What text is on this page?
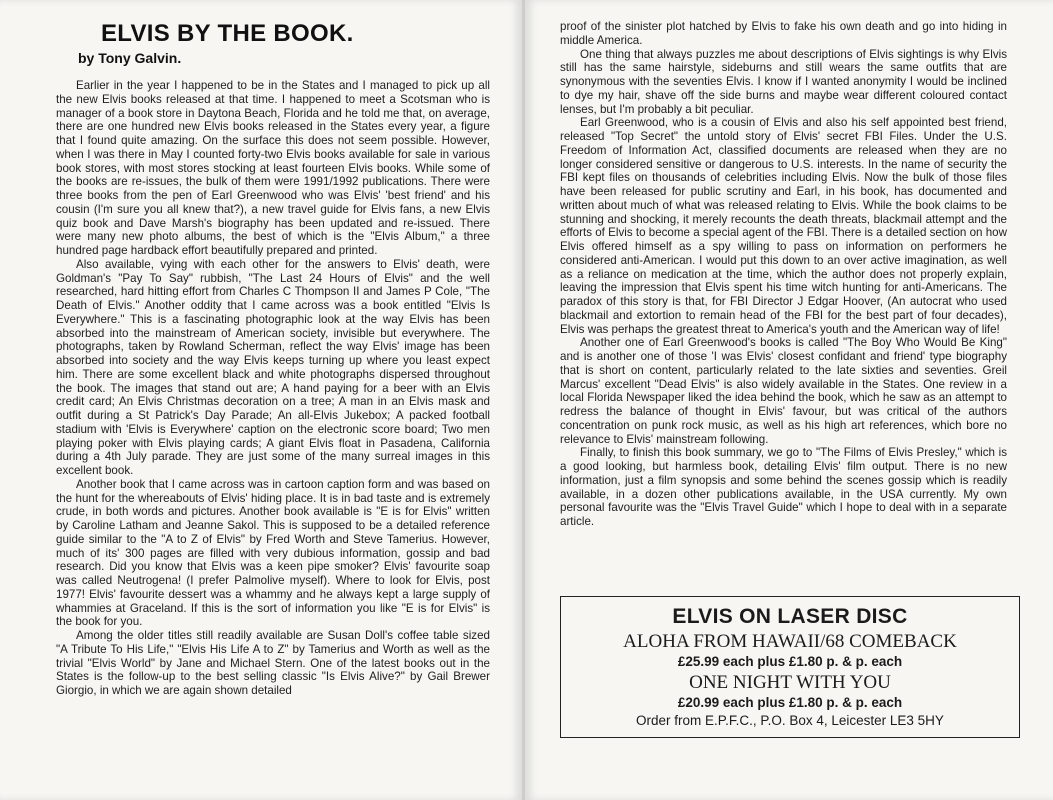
ELVIS BY THE BOOK.
by Tony Galvin.

Earlier in the year I happened to be in the States and I managed to pick up all the new Elvis books released at that time. I happened to meet a Scotsman who is manager of a book store in Daytona Beach, Florida and he told me that, on average, there are one hundred new Elvis books released in the States every year, a figure that I found quite amazing. On the surface this does not seem possible. However, when I was there in May I counted forty-two Elvis books available for sale in various book stores, with most stores stocking at least fourteen Elvis books. While some of the books are re-issues, the bulk of them were 1991/1992 publications. There were three books from the pen of Earl Greenwood who was Elvis' 'best friend' and his cousin (I'm sure you all knew that?), a new travel guide for Elvis fans, a new Elvis quiz book and Dave Marsh's biography has been updated and re-issued. There were many new photo albums, the best of which is the "Elvis Album," a three hundred page hardback effort beautifully prepared and printed.

Also available, vying with each other for the answers to Elvis' death, were Goldman's "Pay To Say" rubbish, "The Last 24 Hours of Elvis" and the well researched, hard hitting effort from Charles C Thompson II and James P Cole, "The Death of Elvis." Another oddity that I came across was a book entitled "Elvis Is Everywhere." This is a fascinating photographic look at the way Elvis has been absorbed into the mainstream of American society, invisible but everywhere. The photographs, taken by Rowland Scherman, reflect the way Elvis' image has been absorbed into society and the way Elvis keeps turning up where you least expect him. There are some excellent black and white photographs dispersed throughout the book. The images that stand out are; A hand paying for a beer with an Elvis credit card; An Elvis Christmas decoration on a tree; A man in an Elvis mask and outfit during a St Patrick's Day Parade; An all-Elvis Jukebox; A packed football stadium with 'Elvis is Everywhere' caption on the electronic score board; Two men playing poker with Elvis playing cards; A giant Elvis float in Pasadena, California during a 4th July parade. They are just some of the many surreal images in this excellent book.

Another book that I came across was in cartoon caption form and was based on the hunt for the whereabouts of Elvis' hiding place. It is in bad taste and is extremely crude, in both words and pictures. Another book available is "E is for Elvis" written by Caroline Latham and Jeanne Sakol. This is supposed to be a detailed reference guide similar to the "A to Z of Elvis" by Fred Worth and Steve Tamerius. However, much of its' 300 pages are filled with very dubious information, gossip and bad research. Did you know that Elvis was a keen pipe smoker? Elvis' favourite soap was called Neutrogena! (I prefer Palmolive myself). Where to look for Elvis, post 1977! Elvis' favourite dessert was a whammy and he always kept a large supply of whammies at Graceland. If this is the sort of information you like "E is for Elvis" is the book for you.

Among the older titles still readily available are Susan Doll's coffee table sized "A Tribute To His Life," "Elvis His Life A to Z" by Tamerius and Worth as well as the trivial "Elvis World" by Jane and Michael Stern. One of the latest books out in the States is the follow-up to the best selling classic "Is Elvis Alive?" by Gail Brewer Giorgio, in which we are again shown detailed

proof of the sinister plot hatched by Elvis to fake his own death and go into hiding in middle America.

One thing that always puzzles me about descriptions of Elvis sightings is why Elvis still has the same hairstyle, sideburns and still wears the same outfits that are synonymous with the seventies Elvis. I know if I wanted anonymity I would be inclined to dye my hair, shave off the side burns and maybe wear different coloured contact lenses, but I'm probably a bit peculiar.

Earl Greenwood, who is a cousin of Elvis and also his self appointed best friend, released "Top Secret" the untold story of Elvis' secret FBI Files. Under the U.S. Freedom of Information Act, classified documents are released when they are no longer considered sensitive or dangerous to U.S. interests. In the name of security the FBI kept files on thousands of celebrities including Elvis. Now the bulk of those files have been released for public scrutiny and Earl, in his book, has documented and written about much of what was released relating to Elvis. While the book claims to be stunning and shocking, it merely recounts the death threats, blackmail attempt and the efforts of Elvis to become a special agent of the FBI. There is a detailed section on how Elvis offered himself as a spy willing to pass on information on performers he considered anti-American. I would put this down to an over active imagination, as well as a reliance on medication at the time, which the author does not properly explain, leaving the impression that Elvis spent his time witch hunting for anti-Americans. The paradox of this story is that, for FBI Director J Edgar Hoover, (An autocrat who used blackmail and extortion to remain head of the FBI for the best part of four decades), Elvis was perhaps the greatest threat to America's youth and the American way of life!

Another one of Earl Greenwood's books is called "The Boy Who Would Be King" and is another one of those 'I was Elvis' closest confidant and friend' type biography that is short on content, particularly related to the late sixties and seventies. Greil Marcus' excellent "Dead Elvis" is also widely available in the States. One review in a local Florida Newspaper liked the idea behind the book, which he saw as an attempt to redress the balance of thought in Elvis' favour, but was critical of the authors concentration on punk rock music, as well as his high art references, which bore no relevance to Elvis' mainstream following.

Finally, to finish this book summary, we go to "The Films of Elvis Presley," which is a good looking, but harmless book, detailing Elvis' film output. There is no new information, just a film synopsis and some behind the scenes gossip which is readily available, in a dozen other publications available, in the USA currently. My own personal favourite was the "Elvis Travel Guide" which I hope to deal with in a separate article.

ELVIS ON LASER DISC
ALOHA FROM HAWAII/68 COMEBACK
£25.99 each plus £1.80 p. & p. each
ONE NIGHT WITH YOU
£20.99 each plus £1.80 p. & p. each
Order from E.P.F.C., P.O. Box 4, Leicester LE3 5HY
